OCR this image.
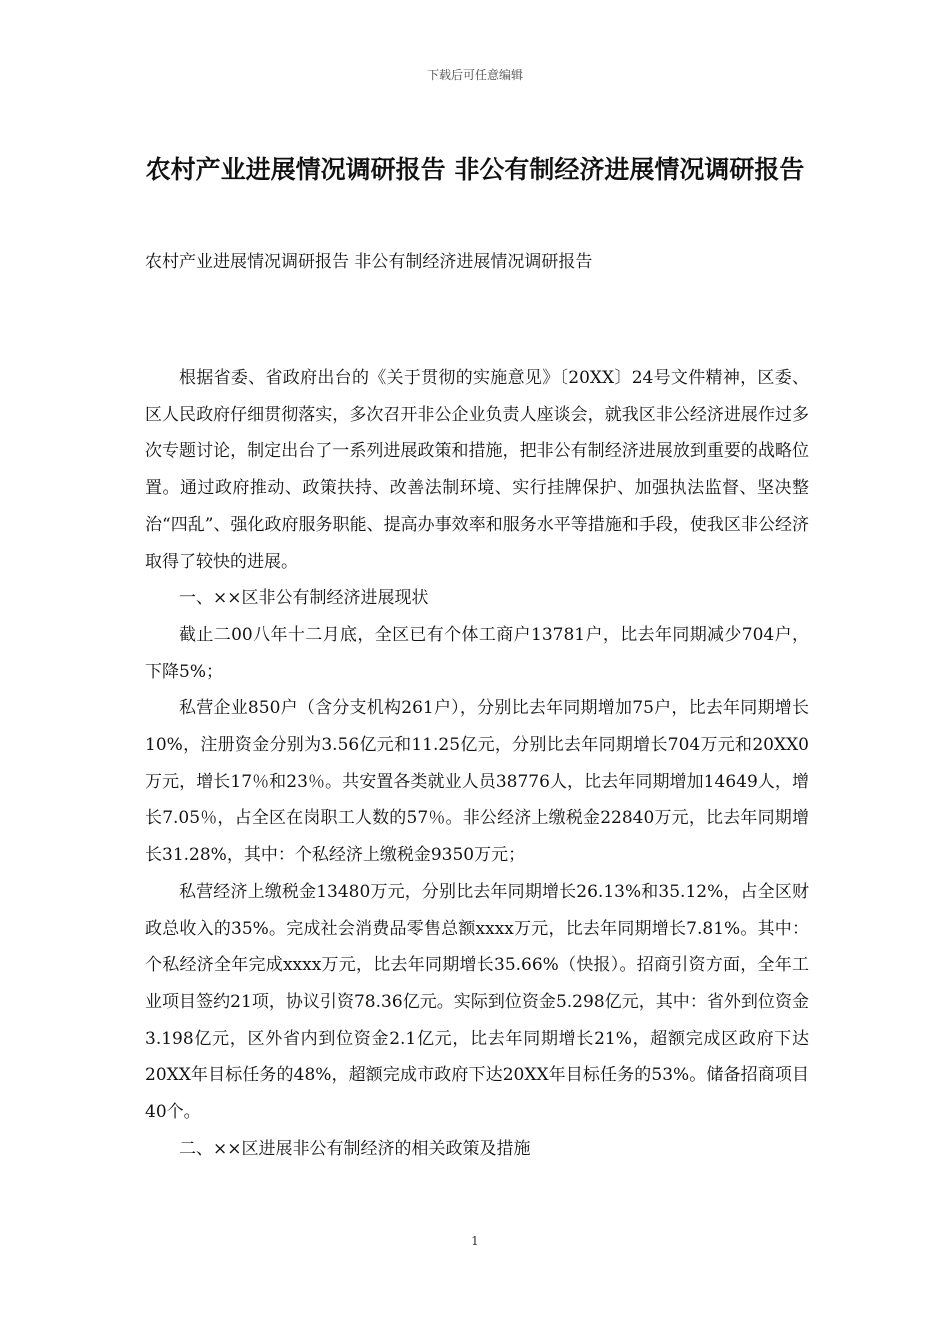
下载后可任意编辑
农村产业进展情况调研报告 非公有制经济进展情况调研报告

农村产业进展情况调研报告 非公有制经济进展情况调研报告

根据省委、省政府出台的《关于贯彻的实施意见》〔20XX〕24号文件精神，区委、区人民政府仔细贯彻落实，多次召开非公企业负责人座谈会，就我区非公经济进展作过多次专题讨论，制定出台了一系列进展政策和措施，把非公有制经济进展放到重要的战略位置。通过政府推动、政策扶持、改善法制环境、实行挂牌保护、加强执法监督、坚决整治“四乱”、强化政府服务职能、提高办事效率和服务水平等措施和手段，使我区非公经济取得了较快的进展。

一、××区非公有制经济进展现状

截止二00八年十二月底，全区已有个体工商户13781户，比去年同期减少704户，下降5%；

私营企业850户（含分支机构261户），分别比去年同期增加75户，比去年同期增长10%，注册资金分别为3.56亿元和11.25亿元，分别比去年同期增长704万元和20XX0万元，增长17％和23％。共安置各类就业人员38776人，比去年同期增加14649人，增长7.05％，占全区在岗职工人数的57％。非公经济上缴税金22840万元，比去年同期增长31.28%，其中：个私经济上缴税金9350万元；

私营经济上缴税金13480万元，分别比去年同期增长26.13%和35.12%，占全区财政总收入的35%。完成社会消费品零售总额xxxx万元，比去年同期增长7.81%。其中：个私经济全年完成xxxx万元，比去年同期增长35.66%（快报）。招商引资方面，全年工业项目签约21项，协议引资78.36亿元。实际到位资金5.298亿元，其中：省外到位资金3.198亿元，区外省内到位资金2.1亿元，比去年同期增长21%，超额完成区政府下达20XX年目标任务的48%，超额完成市政府下达20XX年目标任务的53%。储备招商项目40个。

二、××区进展非公有制经济的相关政策及措施

1
